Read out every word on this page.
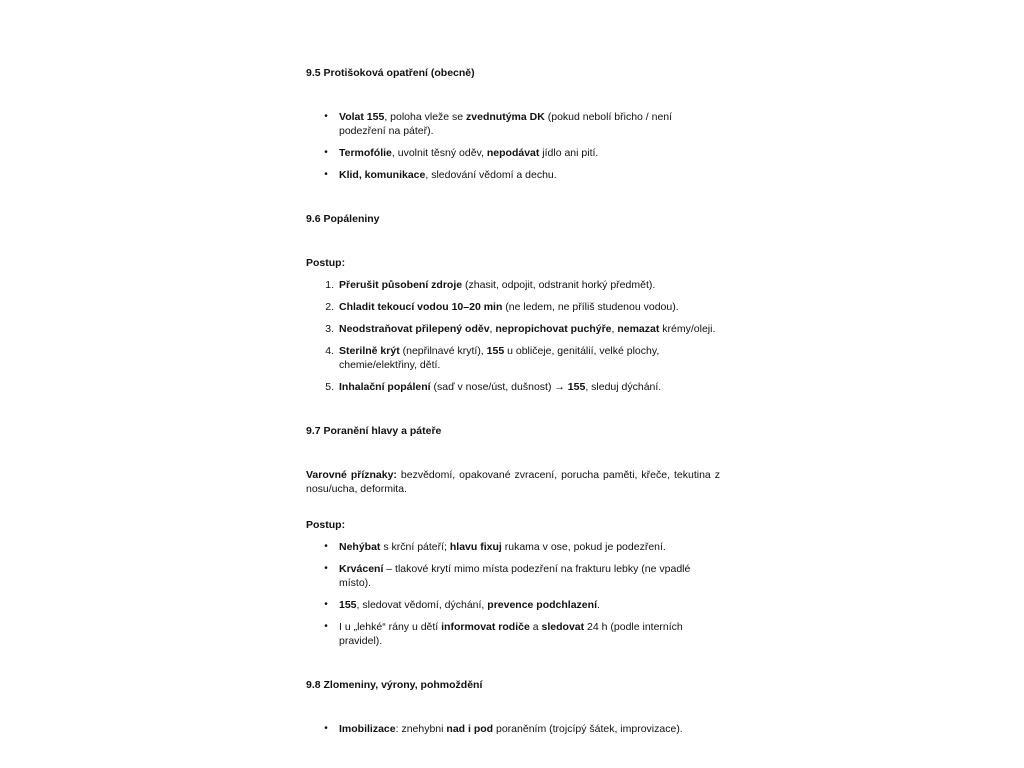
9.5 Protišoková opatření (obecně)

• Volat 155, poloha vleže se zvednutýma DK (pokud nebolí břicho / není podezření na páteř).
• Termofólie, uvolnit těsný oděv, nepodávat jídlo ani pití.
• Klid, komunikace, sledování vědomí a dechu.

9.6 Popáleniny

Postup:

1. Přerušit působení zdroje (zhasit, odpojit, odstranit horký předmět).
2. Chladit tekoucí vodou 10–20 min (ne ledem, ne příliš studenou vodou).
3. Neodstraňovat přilepený oděv, nepropichovat puchýře, nemazat krémy/oleji.
4. Sterilně krýt (nepřilnavé krytí), 155 u obličeje, genitálií, velké plochy, chemie/elektřiny, dětí.
5. Inhalační popálení (saď v nose/úst, dušnost) → 155, sleduj dýchání.

9.7 Poranění hlavy a páteře

Varovné příznaky: bezvědomí, opakované zvracení, porucha paměti, křeče, tekutina z nosu/ucha, deformita.

Postup:

• Nehýbat s krční páteří; hlavu fixuj rukama v ose, pokud je podezření.
• Krvácení – tlakové krytí mimo místa podezření na frakturu lebky (ne vpadlé místo).
• 155, sledovat vědomí, dýchání, prevence podchlazení.
• I u „lehké“ rány u dětí informovat rodiče a sledovat 24 h (podle interních pravidel).

9.8 Zlomeniny, výrony, pohmoždění

• Imobilizace: znehybni nad i pod poraněním (trojcípý šátek, improvizace).
